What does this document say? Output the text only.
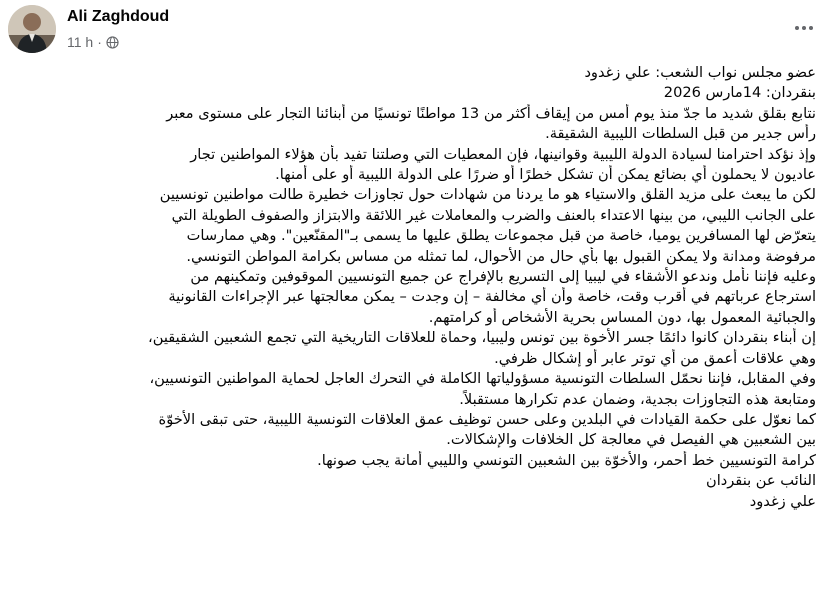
Ali Zaghdoud
11 h ·

عضو مجلس نواب الشعب: علي زغدود

بنقردان: 14مارس 2026

نتابع بقلق شديد ما جدّ منذ يوم أمس من إيقاف أكثر من 13 مواطنًا تونسيًا من أبنائنا التجار على مستوى معبر

رأس جدير من قبل السلطات الليبية الشقيقة.

وإذ نؤكد احترامنا لسيادة الدولة الليبية وقوانينها، فإن المعطيات التي وصلتنا تفيد بأن هؤلاء المواطنين تجار

عاديون لا يحملون أي بضائع يمكن أن تشكل خطرًا أو ضررًا على الدولة الليبية أو على أمنها.

لكن ما يبعث على مزيد القلق والاستياء هو ما يردنا من شهادات حول تجاوزات خطيرة طالت مواطنين تونسيين

على الجانب الليبي، من بينها الاعتداء بالعنف والضرب والمعاملات غير اللائقة والابتزاز والصفوف الطويلة التي

يتعرّض لها المسافرين يوميا، خاصة من قبل مجموعات يطلق عليها ما يسمى بـ"المقنّعين". وهي ممارسات

مرفوضة ومدانة ولا يمكن القبول بها بأي حال من الأحوال، لما تمثله من مساس بكرامة المواطن التونسي.

وعليه فإننا نأمل وندعو الأشقاء في ليبيا إلى التسريع بالإفراج عن جميع التونسيين الموقوفين وتمكينهم من

استرجاع عرباتهم في أقرب وقت، خاصة وأن أي مخالفة – إن وجدت – يمكن معالجتها عبر الإجراءات القانونية

والجبائية المعمول بها، دون المساس بحرية الأشخاص أو كرامتهم.

إن أبناء بنقردان كانوا دائمًا جسر الأخوة بين تونس وليبيا، وحماة للعلاقات التاريخية التي تجمع الشعبين الشقيقين،

وهي علاقات أعمق من أي توتر عابر أو إشكال ظرفي.

وفي المقابل، فإننا نحمّل السلطات التونسية مسؤولياتها الكاملة في التحرك العاجل لحماية المواطنين التونسيين،

ومتابعة هذه التجاوزات بجدية، وضمان عدم تكرارها مستقبلاً.

كما نعوّل على حكمة القيادات في البلدين وعلى حسن توظيف عمق العلاقات التونسية الليبية، حتى تبقى الأخوّة

بين الشعبين هي الفيصل في معالجة كل الخلافات والإشكالات.

كرامة التونسيين خط أحمر، والأخوّة بين الشعبين التونسي والليبي أمانة يجب صونها.

النائب عن بنقردان

علي زغدود
